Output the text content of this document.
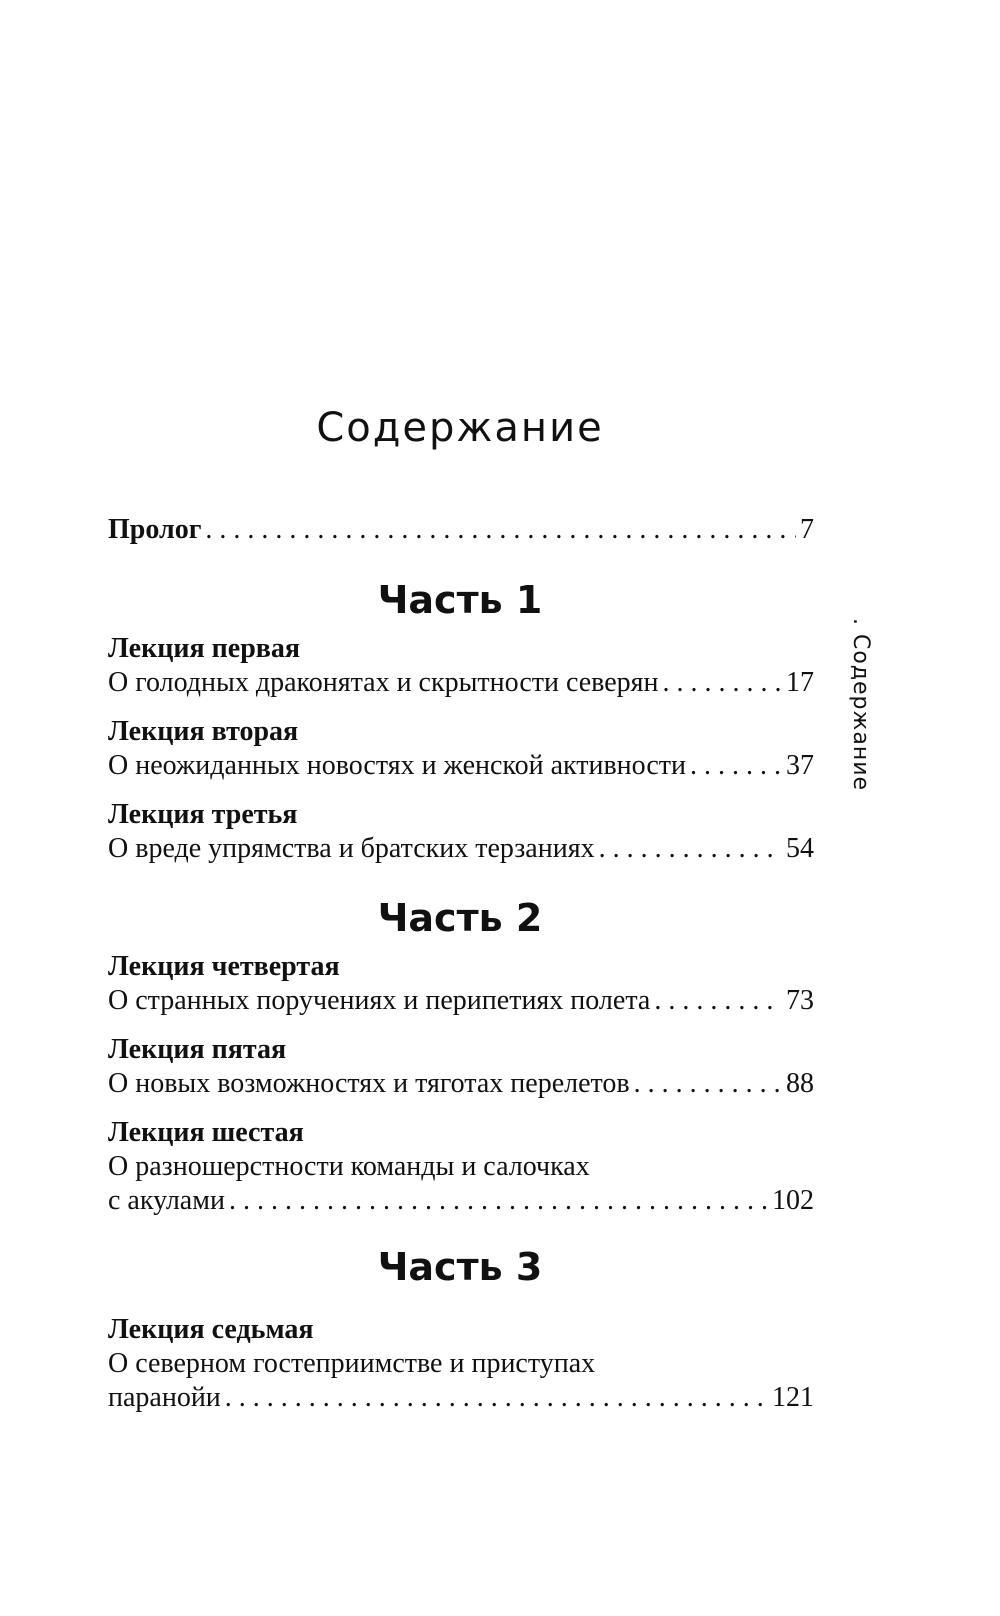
Содержание
Пролог . . .	7
Часть 1
Лекция первая
О голодных драконятах и скрытности северян . . .	17
Лекция вторая
О неожиданных новостях и женской активности . . .	37
Лекция третья
О вреде упрямства и братских терзаниях . . .	54
Часть 2
Лекция четвертая
О странных поручениях и перипетиях полета . . .	73
Лекция пятая
О новых возможностях и тяготах перелетов . . .	88
Лекция шестая
О разношерстности команды и салочках
с акулами . . .	102
Часть 3
Лекция седьмая
О северном гостеприимстве и приступах
паранойи . . .	121
. Содержание
